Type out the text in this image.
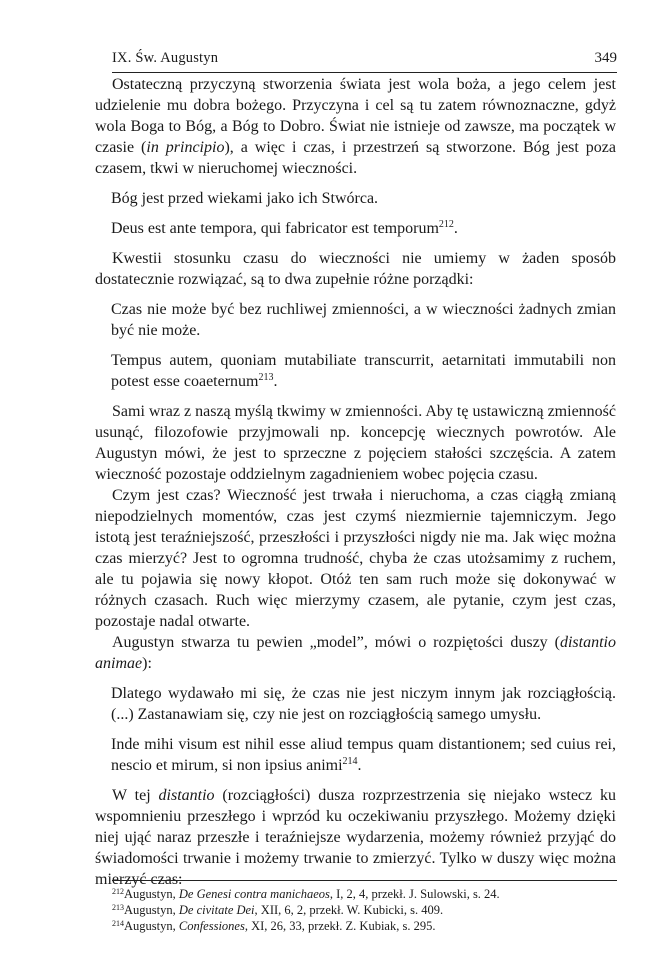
IX. Św. Augustyn	349

Ostateczną przyczyną stworzenia świata jest wola boża, a jego celem jest udzielenie mu dobra bożego. Przyczyna i cel są tu zatem równoznaczne, gdyż wola Boga to Bóg, a Bóg to Dobro. Świat nie istnieje od zawsze, ma początek w czasie (in principio), a więc i czas, i przestrzeń są stworzone. Bóg jest poza czasem, tkwi w nieruchomej wieczności.

Bóg jest przed wiekami jako ich Stwórca.

Deus est ante tempora, qui fabricator est temporum$^{212}$.

Kwestii stosunku czasu do wieczności nie umiemy w żaden sposób dostatecznie rozwiązać, są to dwa zupełnie różne porządki:

Czas nie może być bez ruchliwej zmienności, a w wieczności żadnych zmian być nie może.

Tempus autem, quoniam mutabiliate transcurrit, aetarnitati immutabili non potest esse coaeternum$^{213}$.

Sami wraz z naszą myślą tkwimy w zmienności. Aby tę ustawiczną zmienność usunąć, filozofowie przyjmowali np. koncepcję wiecznych powrotów. Ale Augustyn mówi, że jest to sprzeczne z pojęciem stałości szczęścia. A zatem wieczność pozostaje oddzielnym zagadnieniem wobec pojęcia czasu.

Czym jest czas? Wieczność jest trwała i nieruchoma, a czas ciągłą zmianą niepodzielnych momentów, czas jest czymś niezmiernie tajemniczym. Jego istotą jest teraźniejszość, przeszłości i przyszłości nigdy nie ma. Jak więc można czas mierzyć? Jest to ogromna trudność, chyba że czas utożsamimy z ruchem, ale tu pojawia się nowy kłopot. Otóż ten sam ruch może się dokonywać w różnych czasach. Ruch więc mierzymy czasem, ale pytanie, czym jest czas, pozostaje nadal otwarte.

Augustyn stwarza tu pewien „model”, mówi o rozpiętości duszy (distantio animae):

Dlatego wydawało mi się, że czas nie jest niczym innym jak rozciągłością. (...) Zastanawiam się, czy nie jest on rozciągłością samego umysłu.

Inde mihi visum est nihil esse aliud tempus quam distantionem; sed cuius rei, nescio et mirum, si non ipsius animi$^{214}$.

W tej distantio (rozciągłości) dusza rozprzestrzenia się niejako wstecz ku wspomnieniu przeszłego i wprzód ku oczekiwaniu przyszłego. Możemy dzięki niej ująć naraz przeszłe i teraźniejsze wydarzenia, możemy również przyjąć do świadomości trwanie i możemy trwanie to zmierzyć. Tylko w duszy więc można mierzyć czas:

$^{212}$Augustyn, De Genesi contra manichaeos, I, 2, 4, przekł. J. Sulowski, s. 24.

$^{213}$Augustyn, De civitate Dei, XII, 6, 2, przekł. W. Kubicki, s. 409.

$^{214}$Augustyn, Confessiones, XI, 26, 33, przekł. Z. Kubiak, s. 295.
